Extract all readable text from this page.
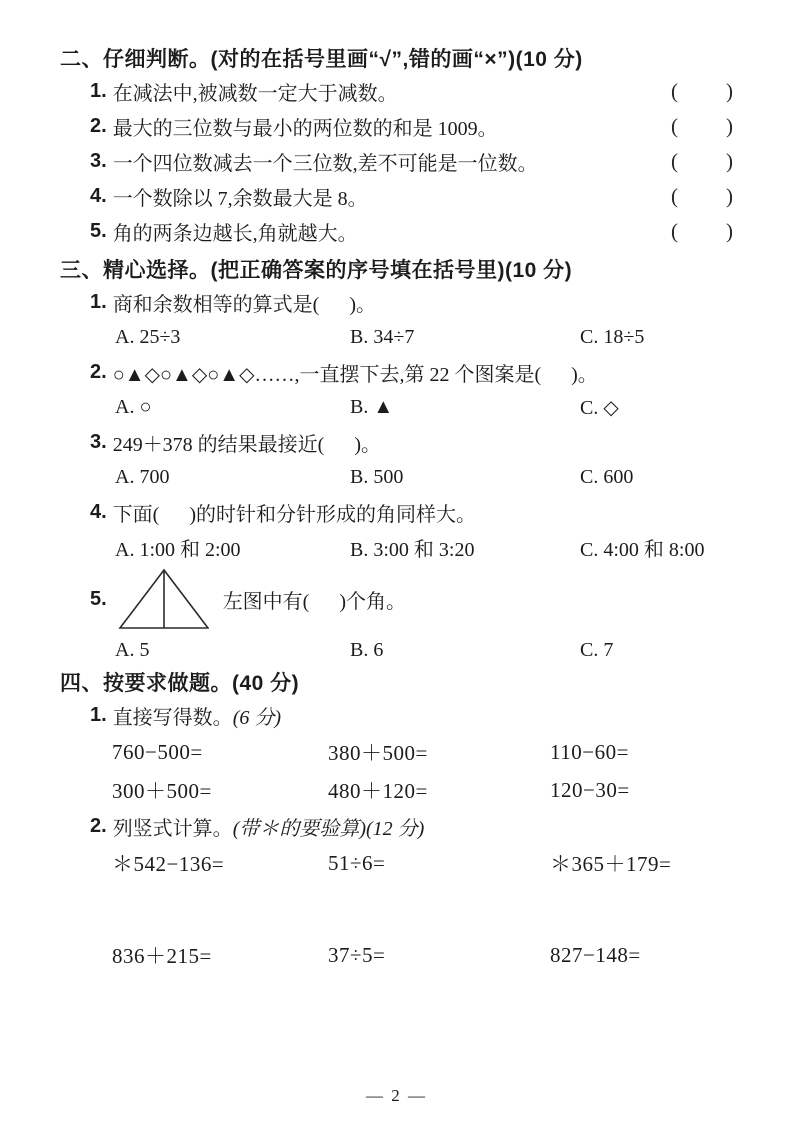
二、仔细判断。(对的在括号里画“√”,错的画“×”)(10 分)
1. 在减法中,被减数一定大于减数。	( )
2. 最大的三位数与最小的两位数的和是 1009。	( )
3. 一个四位数减去一个三位数,差不可能是一位数。	( )
4. 一个数除以 7,余数最大是 8。	( )
5. 角的两条边越长,角就越大。	( )
三、精心选择。(把正确答案的序号填在括号里)(10 分)
1. 商和余数相等的算式是(      )。
A. 25÷3	B. 34÷7	C. 18÷5
2. ○▲◇○▲◇○▲◇……,一直摆下去,第 22 个图案是(      )。
A. ○	B. ▲	C. ◇
3. 249＋378 的结果最接近(      )。
A. 700	B. 500	C. 600
4. 下面(      )的时针和分针形成的角同样大。
A. 1:00 和 2:00	B. 3:00 和 3:20	C. 4:00 和 8:00
5.	左图中有(      )个角。
A. 5	B. 6	C. 7
四、按要求做题。(40 分)
1. 直接写得数。 (6 分)
760−500=	380＋500=	110−60=
300＋500=	480＋120=	120−30=
2. 列竖式计算。 (带＊的要验算) (12 分)
＊542−136=	51÷6=	＊365＋179=
836＋215=	37÷5=	827−148=
— 2 —
